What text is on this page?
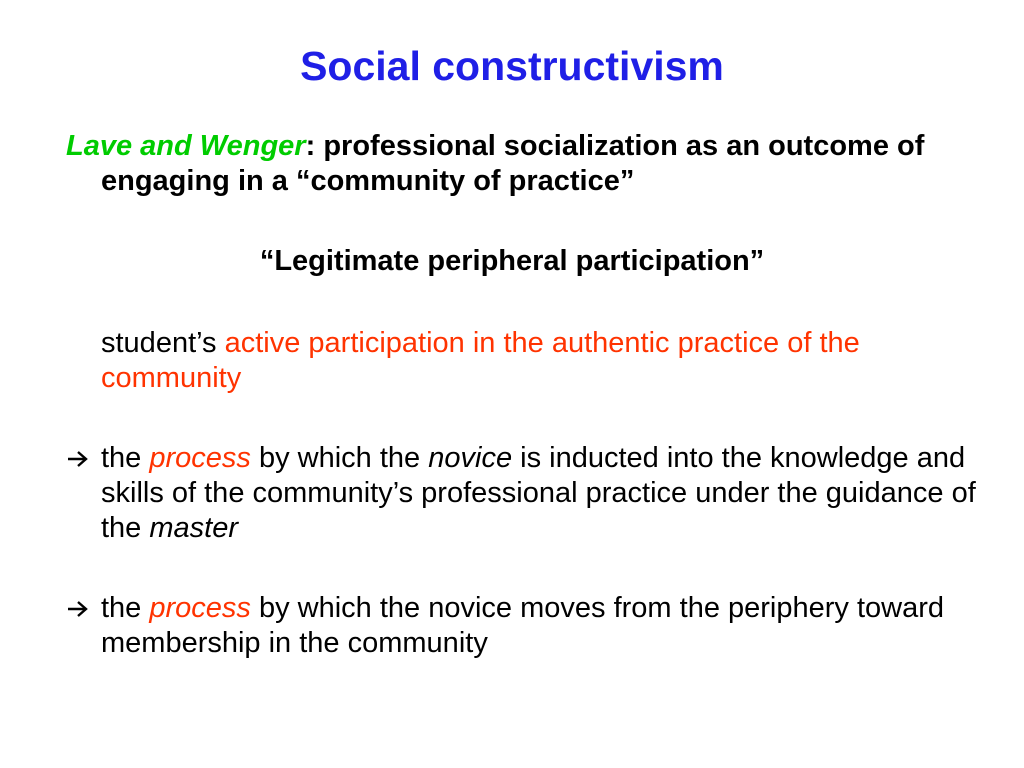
Social constructivism
Lave and Wenger: professional socialization as an outcome of engaging in a “community of practice”
“Legitimate peripheral participation”
student’s active participation in the authentic practice of the community
the process by which the novice is inducted into the knowledge and skills of the community’s professional practice under the guidance of the master
the process by which the novice moves from the periphery toward membership in the community
